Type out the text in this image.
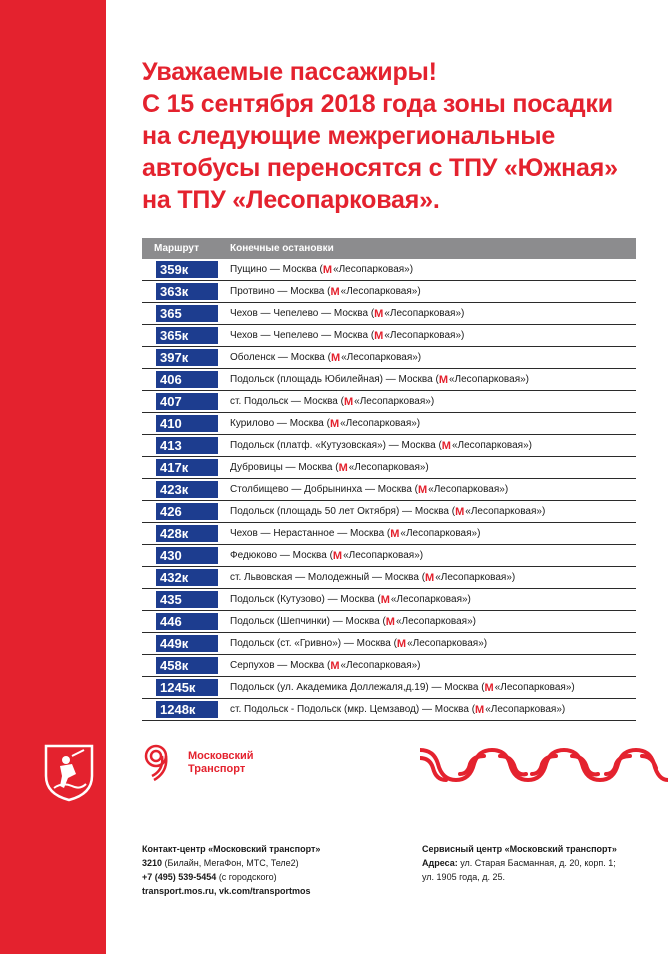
Уважаемые пассажиры!
С 15 сентября 2018 года зоны посадки
на следующие межрегиональные
автобусы переносятся с ТПУ «Южная»
на ТПУ «Лесопарковая».
Маршрут	Конечные остановки
359к	Пущино — Москва ( М «Лесопарковая»)
363к	Протвино — Москва ( М «Лесопарковая»)
365	Чехов — Чепелево — Москва ( М «Лесопарковая»)
365к	Чехов — Чепелево — Москва ( М «Лесопарковая»)
397к	Оболенск — Москва ( М «Лесопарковая»)
406	Подольск (площадь Юбилейная) — Москва ( М «Лесопарковая»)
407	ст. Подольск — Москва ( М «Лесопарковая»)
410	Курилово — Москва ( М «Лесопарковая»)
413	Подольск (платф. «Кутузовская») — Москва ( М «Лесопарковая»)
417к	Дубровицы — Москва ( М «Лесопарковая»)
423к	Столбищево — Добрынинха — Москва ( М «Лесопарковая»)
426	Подольск (площадь 50 лет Октября) — Москва ( М «Лесопарковая»)
428к	Чехов — Нерастанное — Москва ( М «Лесопарковая»)
430	Федюково — Москва ( М «Лесопарковая»)
432к	ст. Львовская — Молодежный — Москва ( М «Лесопарковая»)
435	Подольск (Кутузово) — Москва ( М «Лесопарковая»)
446	Подольск (Шепчинки) — Москва ( М «Лесопарковая»)
449к	Подольск (ст. «Гривно») — Москва ( М «Лесопарковая»)
458к	Серпухов — Москва ( М «Лесопарковая»)
1245к	Подольск (ул. Академика Доллежаля,д.19) — Москва ( М «Лесопарковая»)
1248к	ст. Подольск - Подольск (мкр. Цемзавод) — Москва ( М «Лесопарковая»)
Московский
Транспорт
Контакт-центр «Московский транспорт»
3210 (Билайн, МегаФон, МТС, Теле2)
+7 (495) 539-5454 (с городского)
transport.mos.ru, vk.com/transportmos
Сервисный центр «Московский транспорт»
Адреса: ул. Старая Басманная, д. 20, корп. 1;
ул. 1905 года, д. 25.
